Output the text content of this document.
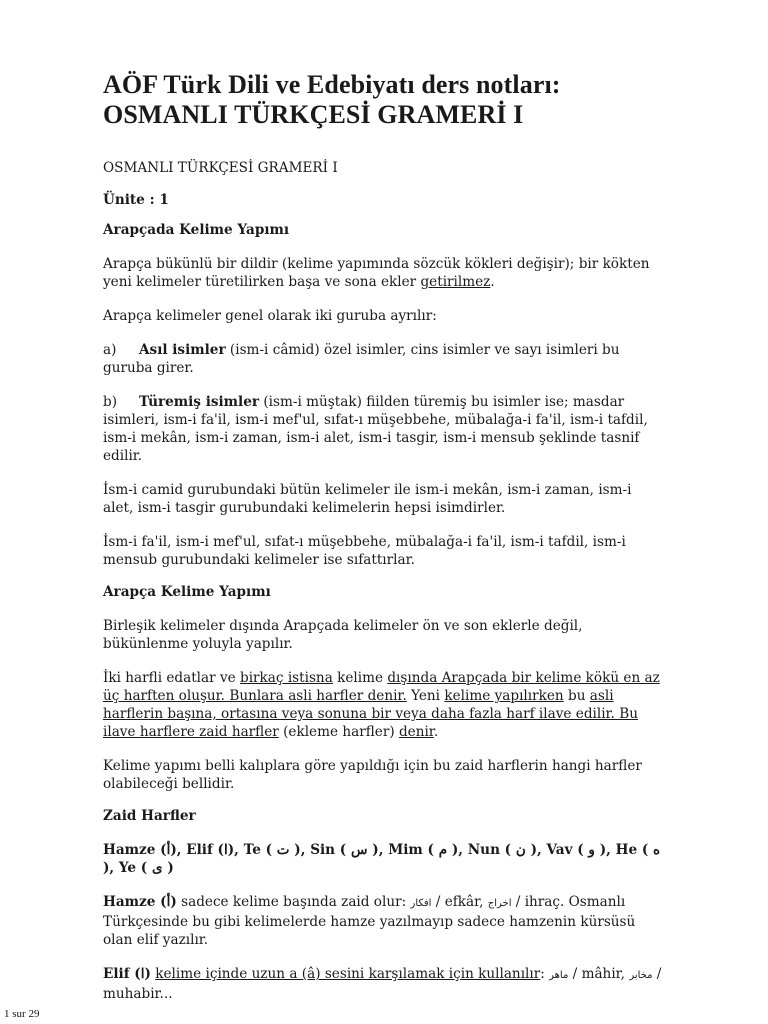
AÖF Türk Dili ve Edebiyatı ders notları:
OSMANLI TÜRKÇESİ GRAMERİ I

OSMANLI TÜRKÇESİ GRAMERİ I

Ünite : 1

Arapçada Kelime Yapımı

Arapça bükünlü bir dildir (kelime yapımında sözcük kökleri değişir); bir kökten yeni kelimeler türetilirken başa ve sona ekler getirilmez.

Arapça kelimeler genel olarak iki guruba ayrılır:

a) Asıl isimler (ism-i câmid) özel isimler, cins isimler ve sayı isimleri bu guruba girer.

b) Türemiş isimler (ism-i müştak) fiilden türemiş bu isimler ise; masdar isimleri, ism-i fa'il, ism-i mef'ul, sıfat-ı müşebbehe, mübalağa-i fa'il, ism-i tafdil, ism-i mekân, ism-i zaman, ism-i alet, ism-i tasgir, ism-i mensub şeklinde tasnif edilir.

İsm-i camid gurubundaki bütün kelimeler ile ism-i mekân, ism-i zaman, ism-i alet, ism-i tasgir gurubundaki kelimelerin hepsi isimdirler.

İsm-i fa'il, ism-i mef'ul, sıfat-ı müşebbehe, mübalağa-i fa'il, ism-i tafdil, ism-i mensub gurubundaki kelimeler ise sıfattırlar.

Arapça Kelime Yapımı

Birleşik kelimeler dışında Arapçada kelimeler ön ve son eklerle değil, bükünlenme yoluyla yapılır.

İki harfli edatlar ve birkaç istisna kelime dışında Arapçada bir kelime kökü en az üç harften oluşur. Bunlara asli harfler denir. Yeni kelime yapılırken bu asli harflerin başına, ortasına veya sonuna bir veya daha fazla harf ilave edilir. Bu ilave harflere zaid harfler (ekleme harfler) denir.

Kelime yapımı belli kalıplara göre yapıldığı için bu zaid harflerin hangi harfler olabileceği bellidir.

Zaid Harfler

Hamze (أ), Elif (ا), Te ( ت ), Sin ( س ), Mim ( م ), Nun ( ن ), Vav ( و ), He ( ه ), Ye ( ى )

Hamze (أ) sadece kelime başında zaid olur: افكار / efkâr, اخراج / ihraç. Osmanlı Türkçesinde bu gibi kelimelerde hamze yazılmayıp sadece hamzenin kürsüsü olan elif yazılır.

Elif (ا) kelime içinde uzun a (â) sesini karşılamak için kullanılır: ماهر / mâhir, مخابر / muhabir...

1 sur 29
